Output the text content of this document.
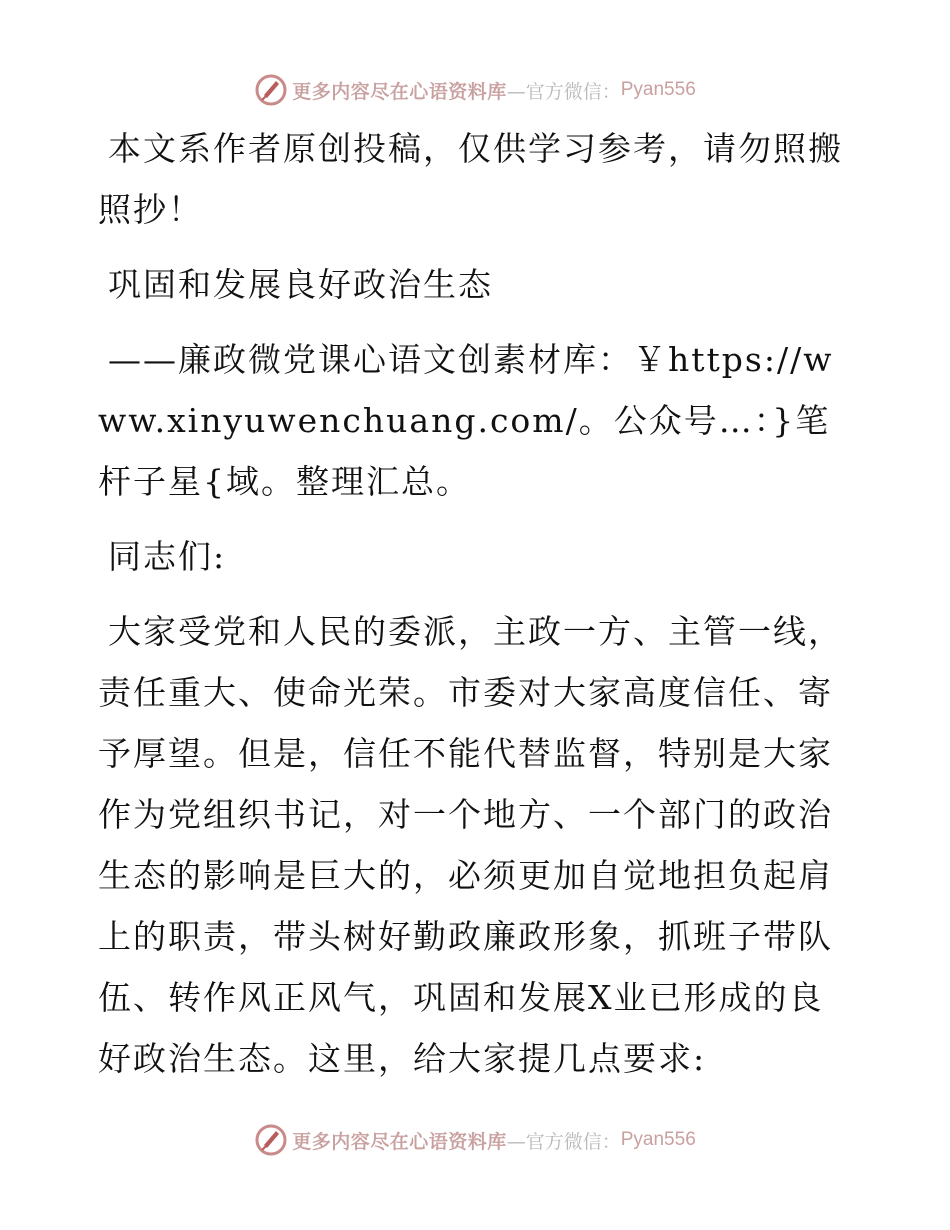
更多内容尽在心语资料库 —官方微信： Pyan556

本文系作者原创投稿，仅供学习参考，请勿照搬照抄！

巩固和发展良好政治生态

——廉政微党课心语文创素材库：￥https://www.xinyuwenchuang.com/。公众号…：}笔杆子星{域。整理汇总。

同志们:

大家受党和人民的委派，主政一方、主管一线，责任重大、使命光荣。市委对大家高度信任、寄予厚望。但是，信任不能代替监督，特别是大家作为党组织书记，对一个地方、一个部门的政治生态的影响是巨大的，必须更加自觉地担负起肩上的职责，带头树好勤政廉政形象，抓班子带队伍、转作风正风气，巩固和发展X业已形成的良好政治生态。这里，给大家提几点要求:

更多内容尽在心语资料库 —官方微信： Pyan556
